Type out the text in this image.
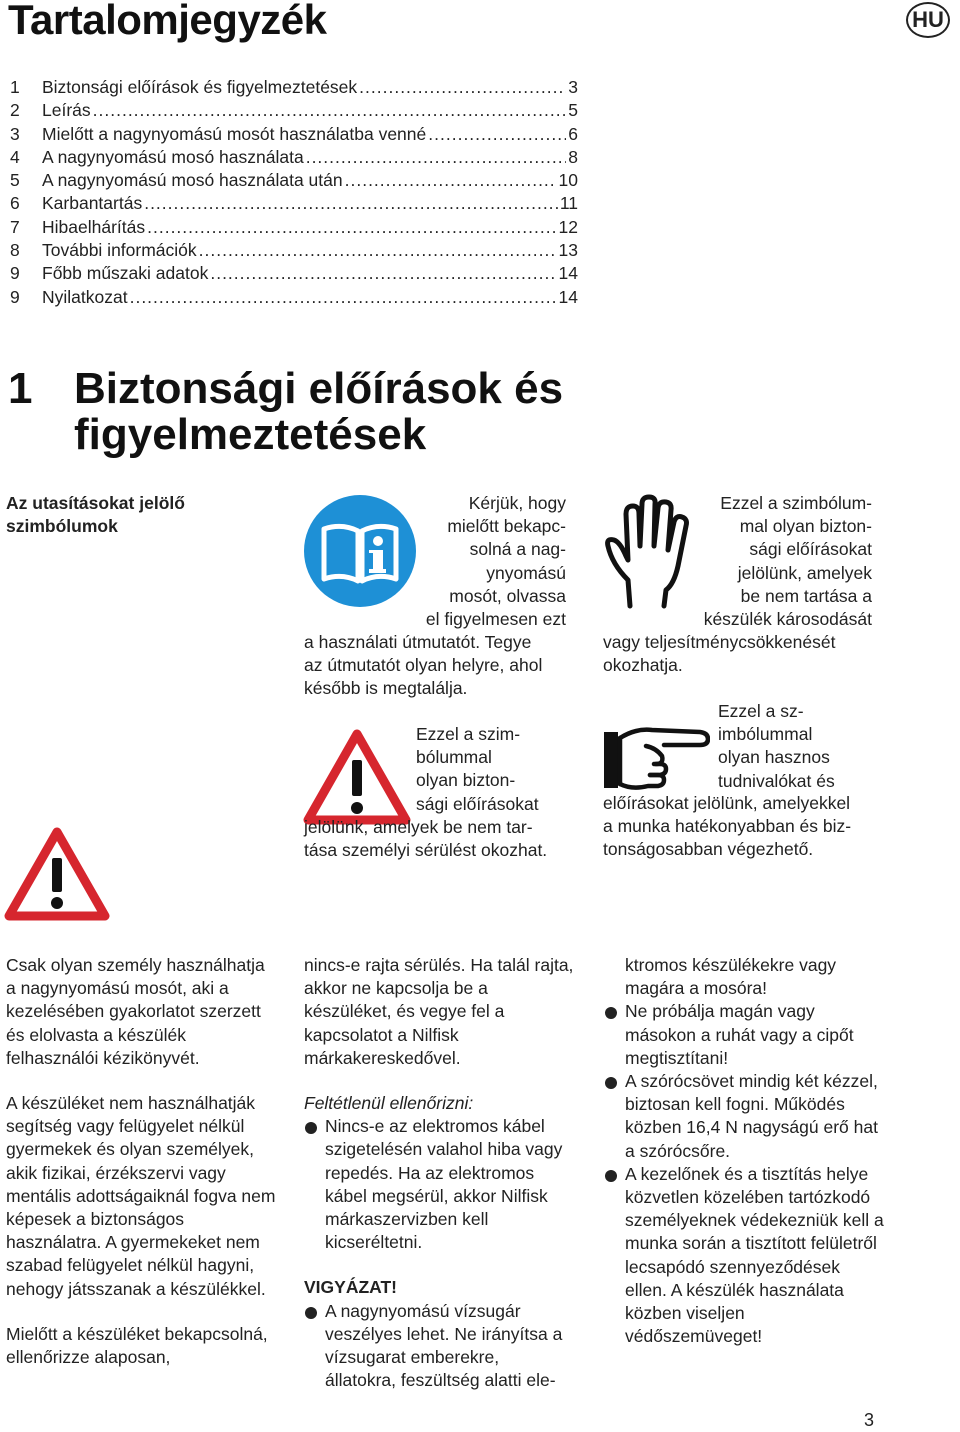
Tartalomjegyzék	HU
1	Biztonsági előírások és figyelmeztetések .....	3
2	Leírás .....	5
3	Mielőtt a nagynyomású mosót használatba venné .....	6
4	A nagynyomású mosó használata .....	8
5	A nagynyomású mosó használata után .....	10
6	Karbantartás .....	11
7	Hibaelhárítás .....	12
8	További információk .....	13
9	Főbb műszaki adatok .....	14
9	Nyilatkozat .....	14
1 Biztonsági előírások és
figyelmeztetések

Az utasításokat jelölő szimbólumok

Kérjük, hogy
mielőtt bekapc-
solná a nag-
ynyomású
mosót, olvassa
el figyelmesen ezt
a használati útmutatót. Tegye
az útmutatót olyan helyre, ahol
később is megtalálja.
Ezzel a szim-
bólummal
olyan bizton-
sági előírásokat
jelölünk, amelyek be nem tar-
tása személyi sérülést okozhat.
Ezzel a szimbólum-
mal olyan bizton-
sági előírásokat
jelölünk, amelyek
be nem tartása a
készülék károsodását
vagy teljesítménycsökkenését
okozhatja.
Ezzel a sz-
imbólummal
olyan hasznos
tudnivalókat és
előírásokat jelölünk, amelyekkel
a munka hatékonyabban és biz-
tonságosabban végezhető.

Csak olyan személy használhatja a nagynyomású mosót, aki a kezelésében gyakorlatot szerzett és elolvasta a készülék felhasználói kézikönyvét.

A készüléket nem használhatják segítség vagy felügyelet nélkül gyermekek és olyan személyek, akik fizikai, érzékszervi vagy mentális adottságaiknál fogva nem képesek a biztonságos használatra. A gyermekeket nem szabad felügyelet nélkül hagyni, nehogy játsszanak a készülékkel.

Mielőtt a készüléket bekapcsolná, ellenőrizze alaposan,

nincs-e rajta sérülés. Ha talál rajta, akkor ne kapcsolja be a készüléket, és vegye fel a kapcsolatot a Nilfisk márkakereskedővel.

Feltétlenül ellenőrizni:

Nincs-e az elektromos kábel szigetelésén valahol hiba vagy repedés. Ha az elektromos kábel megsérül, akkor Nilfisk márkaszervizben kell kicseréltetni.

VIGYÁZAT!

A nagynyomású vízsugár veszélyes lehet. Ne irányítsa a vízsugarat emberekre, állatokra, feszültség alatti ele-

ktromos készülékekre vagy magára a mosóra!

Ne próbálja magán vagy másokon a ruhát vagy a cipőt megtisztítani!
A szórócsövet mindig két kézzel, biztosan kell fogni. Működés közben 16,4 N nagyságú erő hat a szórócsőre.
A kezelőnek és a tisztítás helye közvetlen közelében tartózkodó személyeknek védekezniük kell a munka során a tisztított felületről lecsapódó szennyeződések ellen. A készülék használata közben viseljen védőszemüveget!
3
